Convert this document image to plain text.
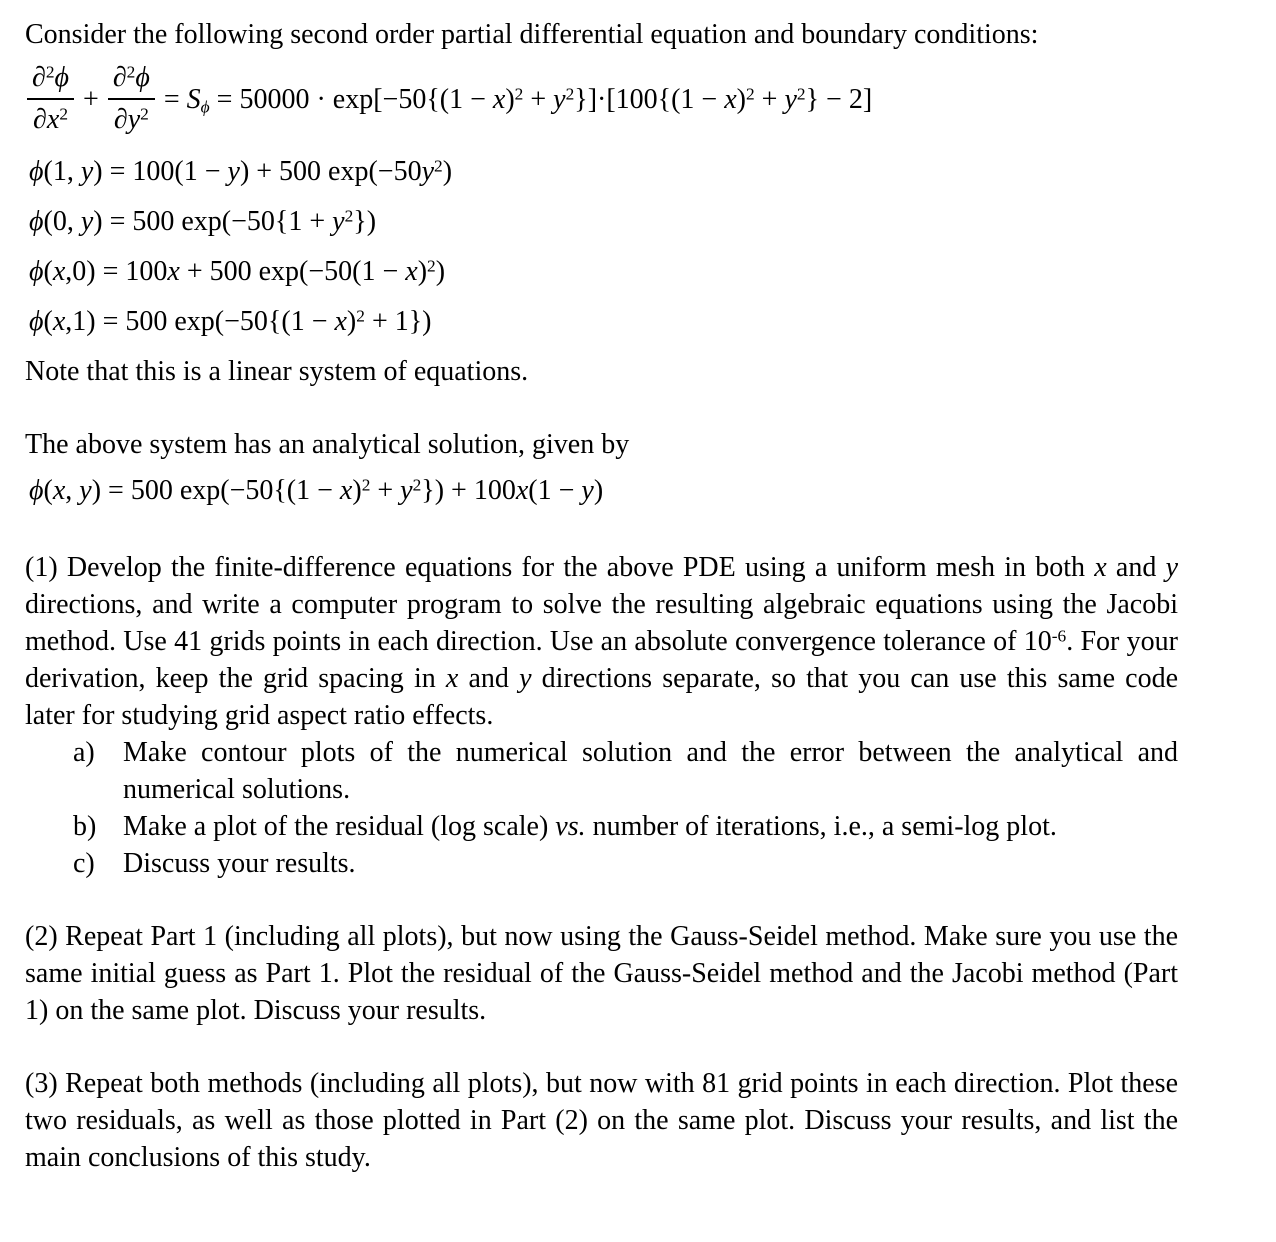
Consider the following second order partial differential equation and boundary conditions:

$\frac{\partial^2\phi}{\partial x^2} + \frac{\partial^2\phi}{\partial y^2} = S_\phi = 50000 \cdot \exp[-50\{(1 - x)^2 + y^2\}]\cdot[100\{(1 - x)^2 + y^2\} - 2]$
ϕ(1, y) = 100(1 − y) + 500 $\exp(-50y^2)$
ϕ(0, y) = 500 $\exp(-50\{1 + y^2\})$
ϕ(x,0) = 100x + 500 $\exp(-50(1 - x)^2)$
ϕ(x,1) = 500 $\exp(-50\{(1 - x)^2 + 1\})$

Note that this is a linear system of equations.

The above system has an analytical solution, given by

ϕ(x, y) = 500 $\exp(-50\{(1 - x)^2 + y^2\}) + 100x(1 - y)$

(1) Develop the finite-difference equations for the above PDE using a uniform mesh in both x and y directions, and write a computer program to solve the resulting algebraic equations using the Jacobi method. Use 41 grids points in each direction. Use an absolute convergence tolerance of $10^{-6}$. For your derivation, keep the grid spacing in x and y directions separate, so that you can use this same code later for studying grid aspect ratio effects.

a)	Make contour plots of the numerical solution and the error between the analytical and numerical solutions.
b) Make a plot of the residual (log scale) vs. number of iterations, i.e., a semi-log plot.
c)	Discuss your results.

(2) Repeat Part 1 (including all plots), but now using the Gauss-Seidel method. Make sure you use the same initial guess as Part 1. Plot the residual of the Gauss-Seidel method and the Jacobi method (Part 1) on the same plot. Discuss your results.

(3) Repeat both methods (including all plots), but now with 81 grid points in each direction. Plot these two residuals, as well as those plotted in Part (2) on the same plot. Discuss your results, and list the main conclusions of this study.
